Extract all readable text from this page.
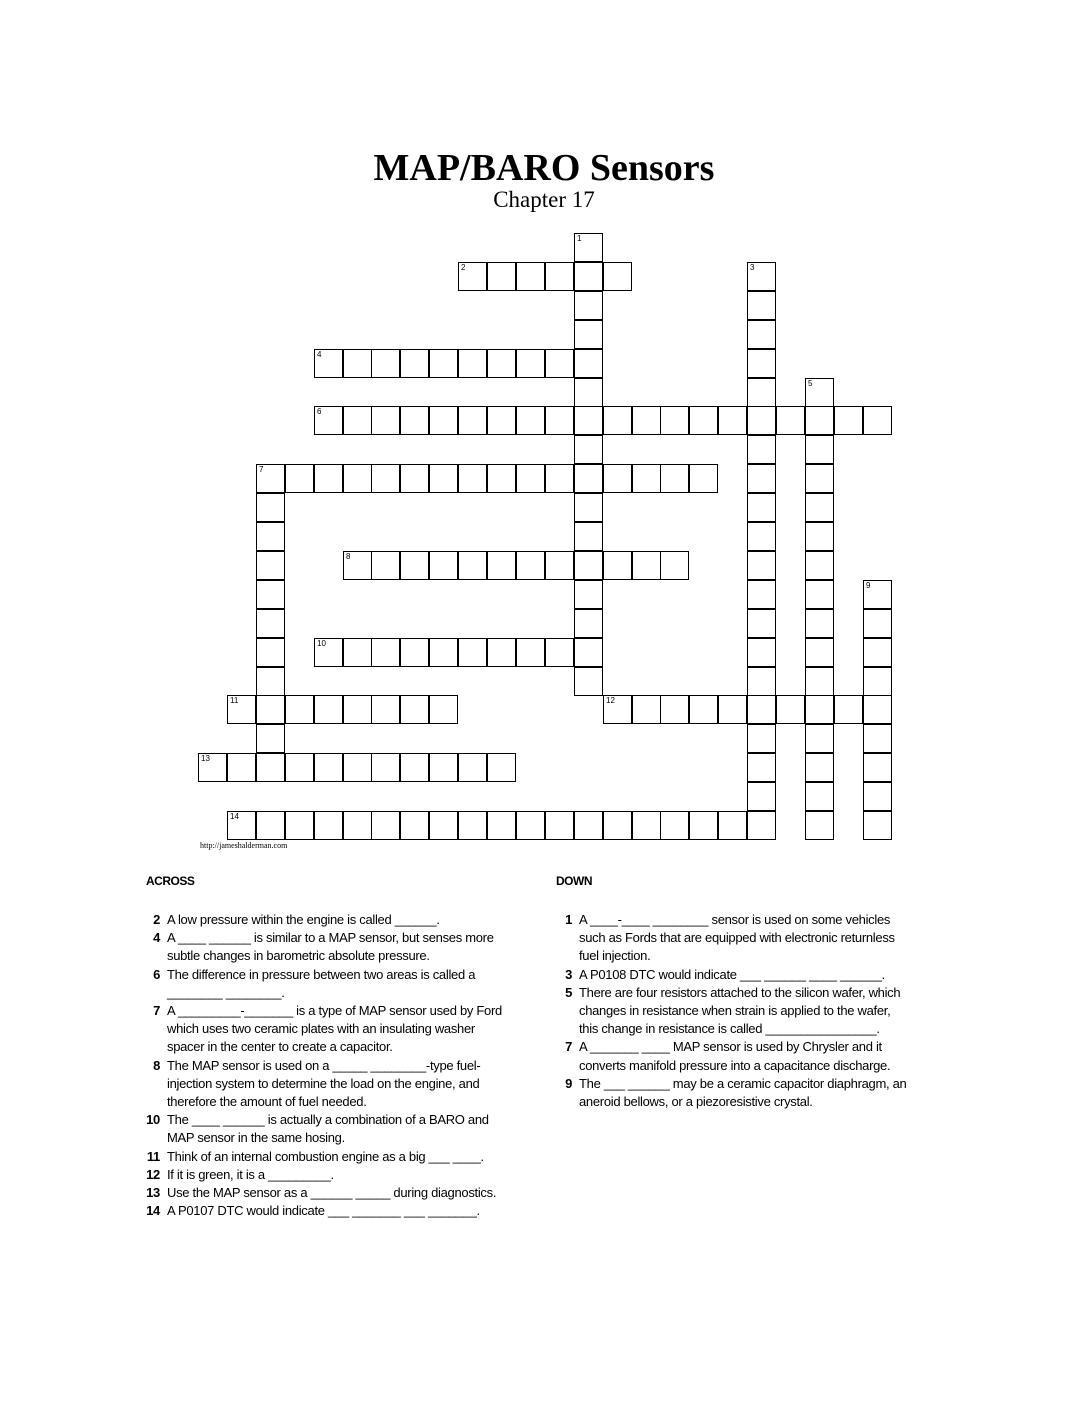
MAP/BARO Sensors
Chapter 17
1
2	3
4
5
6
7
8
9
10
11	12
13
14
http://jameshalderman.com
ACROSS	DOWN
2 A low pressure within the engine is called ______.
4 A ____ ______ is similar to a MAP sensor, but senses more subtle changes in barometric absolute pressure.
6 The difference in pressure between two areas is called a ________ ________.
7 A _________-_______ is a type of MAP sensor used by Ford which uses two ceramic plates with an insulating washer spacer in the center to create a capacitor.
8 The MAP sensor is used on a _____ ________-type fuel-injection system to determine the load on the engine, and therefore the amount of fuel needed.
10 The ____ ______ is actually a combination of a BARO and MAP sensor in the same hosing.
11 Think of an internal combustion engine as a big ___ ____.
12 If it is green, it is a _________.
13 Use the MAP sensor as a ______ _____ during diagnostics.
14 A P0107 DTC would indicate ___ _______ ___ _______.
1 A ____-____ ________ sensor is used on some vehicles such as Fords that are equipped with electronic returnless fuel injection.
3 A P0108 DTC would indicate ___ ______ ____ ______.
5 There are four resistors attached to the silicon wafer, which changes in resistance when strain is applied to the wafer, this change in resistance is called ________________.
7 A _______ ____ MAP sensor is used by Chrysler and it converts manifold pressure into a capacitance discharge.
9 The ___ ______ may be a ceramic capacitor diaphragm, an aneroid bellows, or a piezoresistive crystal.
